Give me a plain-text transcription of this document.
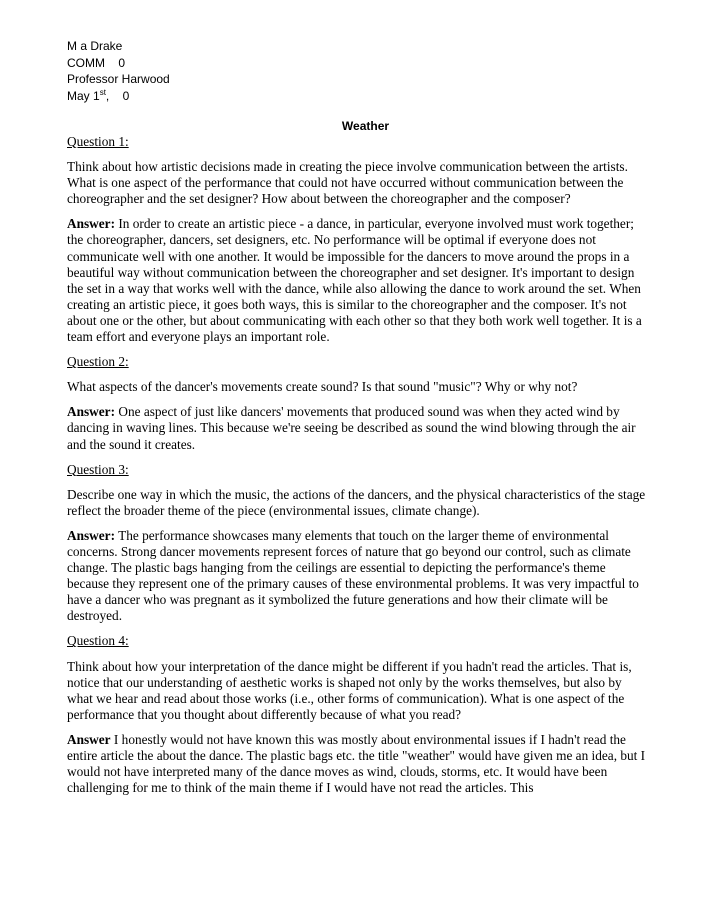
M a Drake
COMM    0
Professor Harwood
May 1st,    0
Weather

Question 1:

Think about how artistic decisions made in creating the piece involve communication between the artists. What is one aspect of the performance that could not have occurred without communication between the choreographer and the set designer? How about between the choreographer and the composer?

Answer: In order to create an artistic piece - a dance, in particular, everyone involved must work together; the choreographer, dancers, set designers, etc. No performance will be optimal if everyone does not communicate well with one another. It would be impossible for the dancers to move around the props in a beautiful way without communication between the choreographer and set designer. It's important to design the set in a way that works well with the dance, while also allowing the dance to work around the set. When creating an artistic piece, it goes both ways, this is similar to the choreographer and the composer. It's not about one or the other, but about communicating with each other so that they both work well together. It is a team effort and everyone plays an important role.

Question 2:

What aspects of the dancer's movements create sound? Is that sound "music"? Why or why not?

Answer: One aspect of just like dancers' movements that produced sound was when they acted wind by dancing in waving lines. This because we're seeing be described as sound the wind blowing through the air and the sound it creates.

Question 3:

Describe one way in which the music, the actions of the dancers, and the physical characteristics of the stage reflect the broader theme of the piece (environmental issues, climate change).

Answer: The performance showcases many elements that touch on the larger theme of environmental concerns. Strong dancer movements represent forces of nature that go beyond our control, such as climate change. The plastic bags hanging from the ceilings are essential to depicting the performance's theme because they represent one of the primary causes of these environmental problems. It was very impactful to have a dancer who was pregnant as it symbolized the future generations and how their climate will be destroyed.

Question 4:

Think about how your interpretation of the dance might be different if you hadn't read the articles. That is, notice that our understanding of aesthetic works is shaped not only by the works themselves, but also by what we hear and read about those works (i.e., other forms of communication). What is one aspect of the performance that you thought about differently because of what you read?

Answer I honestly would not have known this was mostly about environmental issues if I hadn't read the entire article the about the dance. The plastic bags etc. the title "weather" would have given me an idea, but I would not have interpreted many of the dance moves as wind, clouds, storms, etc. It would have been challenging for me to think of the main theme if I would have not read the articles. This
